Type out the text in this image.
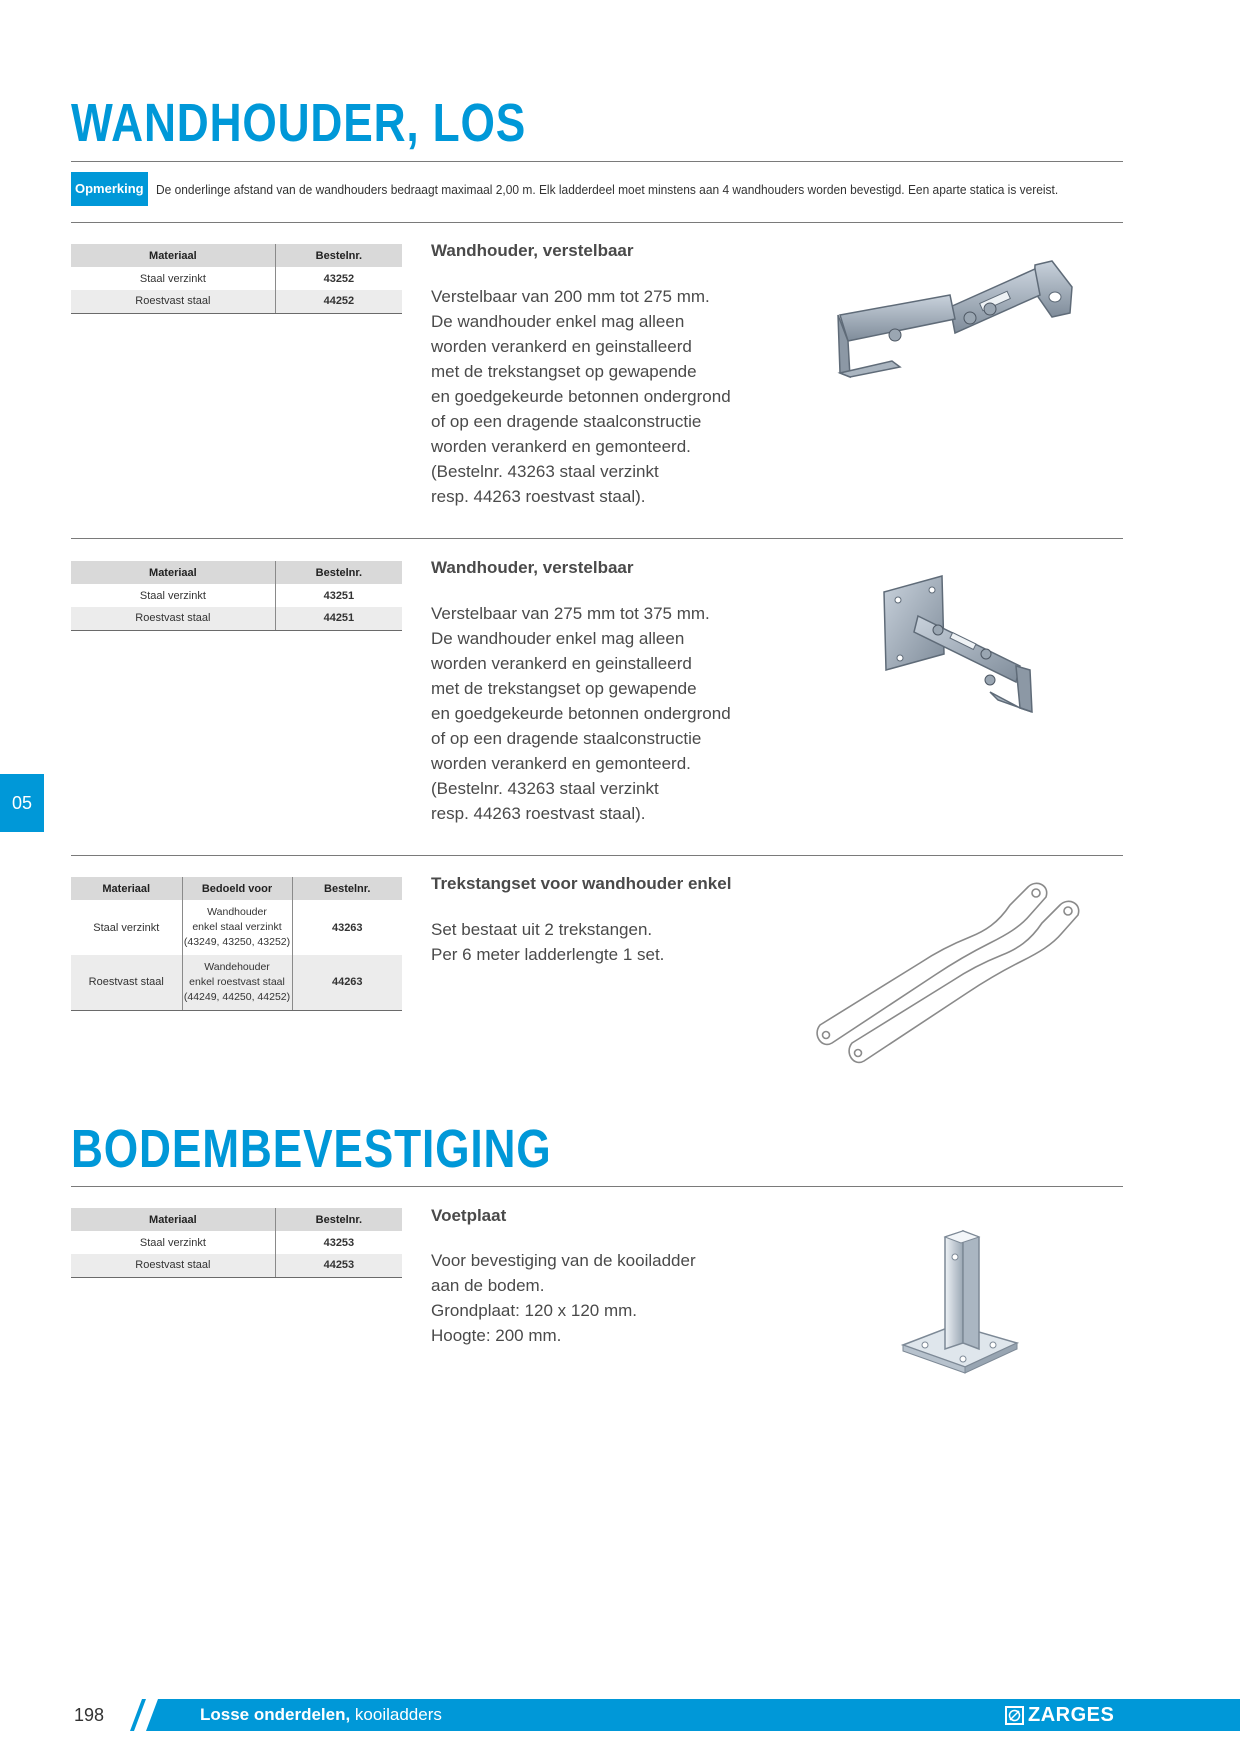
WANDHOUDER, LOS
Opmerking De onderlinge afstand van de wandhouders bedraagt maximaal 2,00 m. Elk ladderdeel moet minstens aan 4 wandhouders worden bevestigd. Een aparte statica is vereist.
Materiaal	Bestelnr.
Staal verzinkt	43252
Roestvast staal	44252
Wandhouder, verstelbaar
Verstelbaar van 200 mm tot 275 mm.
De wandhouder enkel mag alleen
worden verankerd en geinstalleerd
met de trekstangset op gewapende
en goedgekeurde betonnen ondergrond
of op een dragende staalconstructie
worden verankerd en gemonteerd.
(Bestelnr. 43263 staal verzinkt
resp. 44263 roestvast staal).
Materiaal	Bestelnr.
Staal verzinkt	43251
Roestvast staal	44251
Wandhouder, verstelbaar
Verstelbaar van 275 mm tot 375 mm.
De wandhouder enkel mag alleen
worden verankerd en geinstalleerd
met de trekstangset op gewapende
en goedgekeurde betonnen ondergrond
of op een dragende staalconstructie
worden verankerd en gemonteerd.
(Bestelnr. 43263 staal verzinkt
resp. 44263 roestvast staal).
05
Materiaal	Bedoeld voor	Bestelnr.
Staal verzinkt	Wandhouder
enkel staal verzinkt
(43249, 43250, 43252)	43263
Roestvast staal	Wandehouder
enkel roestvast staal
(44249, 44250, 44252)	44263
Trekstangset voor wandhouder enkel
Set bestaat uit 2 trekstangen.
Per 6 meter ladderlengte 1 set.
BODEMBEVESTIGING
Materiaal	Bestelnr.
Staal verzinkt	43253
Roestvast staal	44253
Voetplaat
Voor bevestiging van de kooiladder
aan de bodem.
Grondplaat: 120 x 120 mm.
Hoogte: 200 mm.
198	Losse onderdelen, kooiladders	ZARGES
